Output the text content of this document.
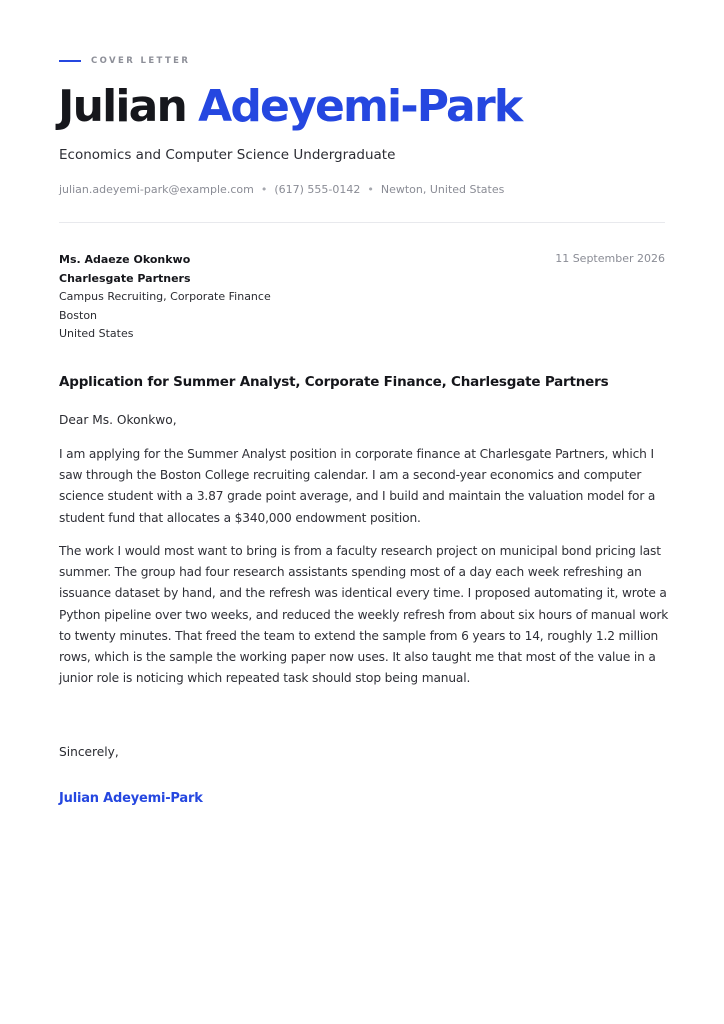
COVER LETTER
Julian Adeyemi-Park
Economics and Computer Science Undergraduate
julian.adeyemi-park@example.com • (617) 555-0142 • Newton, United States
Ms. Adaeze Okonkwo
Charlesgate Partners
Campus Recruiting, Corporate Finance
Boston
United States
11 September 2026
Application for Summer Analyst, Corporate Finance, Charlesgate Partners
Dear Ms. Okonkwo,

I am applying for the Summer Analyst position in corporate finance at Charlesgate Partners, which I saw through the Boston College recruiting calendar. I am a second-year economics and computer science student with a 3.87 grade point average, and I build and maintain the valuation model for a student fund that allocates a $340,000 endowment position.

The work I would most want to bring is from a faculty research project on municipal bond pricing last summer. The group had four research assistants spending most of a day each week refreshing an issuance dataset by hand, and the refresh was identical every time. I proposed automating it, wrote a Python pipeline over two weeks, and reduced the weekly refresh from about six hours of manual work to twenty minutes. That freed the team to extend the sample from 6 years to 14, roughly 1.2 million rows, which is the sample the working paper now uses. It also taught me that most of the value in a junior role is noticing which repeated task should stop being manual.

Sincerely,
Julian Adeyemi-Park
